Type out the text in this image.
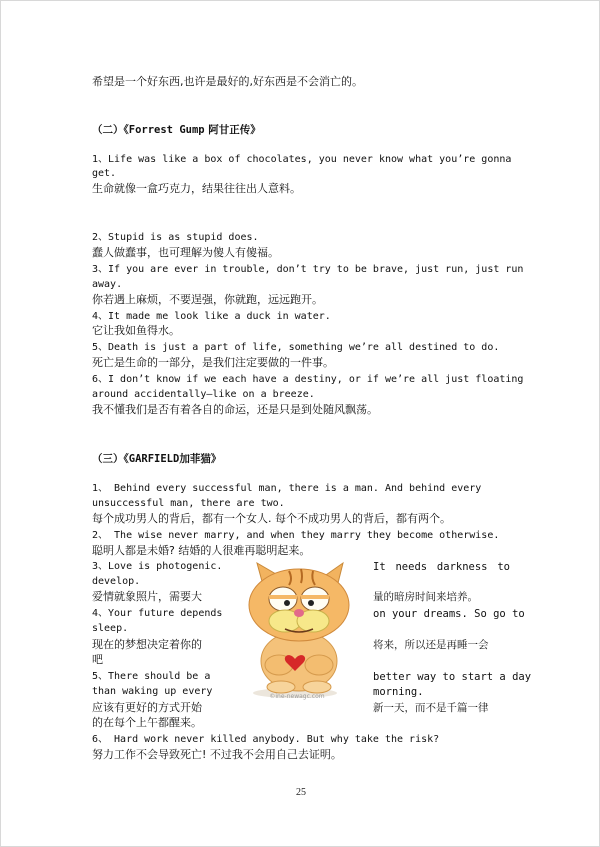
希望是一个好东西,也许是最好的,好东西是不会消亡的。

（二）《Forrest Gump 阿甘正传》

1、Life was like a box of chocolates, you never know what you’re gonna

get.

生命就像一盒巧克力，结果往往出人意料。

2、Stupid is as stupid does.

蠢人做蠢事，也可理解为傻人有傻福。

3、If you are ever in trouble, don’t try to be brave, just run, just run

away.

你若遇上麻烦，不要逞强，你就跑，远远跑开。

4、It made me look like a duck in water.

它让我如鱼得水。

5、Death is just a part of life, something we’re all destined to do.

死亡是生命的一部分，是我们注定要做的一件事。

6、I don’t know if we each have a destiny, or if we’re all just floating

around accidentally—like on a breeze.

我不懂我们是否有着各自的命运，还是只是到处随风飘荡。

（三）《GARFIELD加菲猫》

1、 Behind every successful man, there is a man. And behind every

unsuccessful man, there are two.

每个成功男人的背后，都有一个女人. 每个不成功男人的背后，都有两个。

2、 The wise never marry, and when they marry they become otherwise.

聪明人都是未婚? 结婚的人很难再聪明起来。

3、Love is photogenic.	It needs darkness to

develop.

爱情就象照片，需要大	量的暗房时间来培养。

4、Your future depends	on your dreams. So go to

sleep.

现在的梦想决定着你的	将来，所以还是再睡一会

吧

5、There should be a	better way to start a day

than waking up every	morning.

应该有更好的方式开始	新一天，而不是千篇一律

的在每个上午都醒来。

6、 Hard work never killed anybody. But why take the risk?

努力工作不会导致死亡! 不过我不会用自己去证明。

©ine-newagc.com
25
